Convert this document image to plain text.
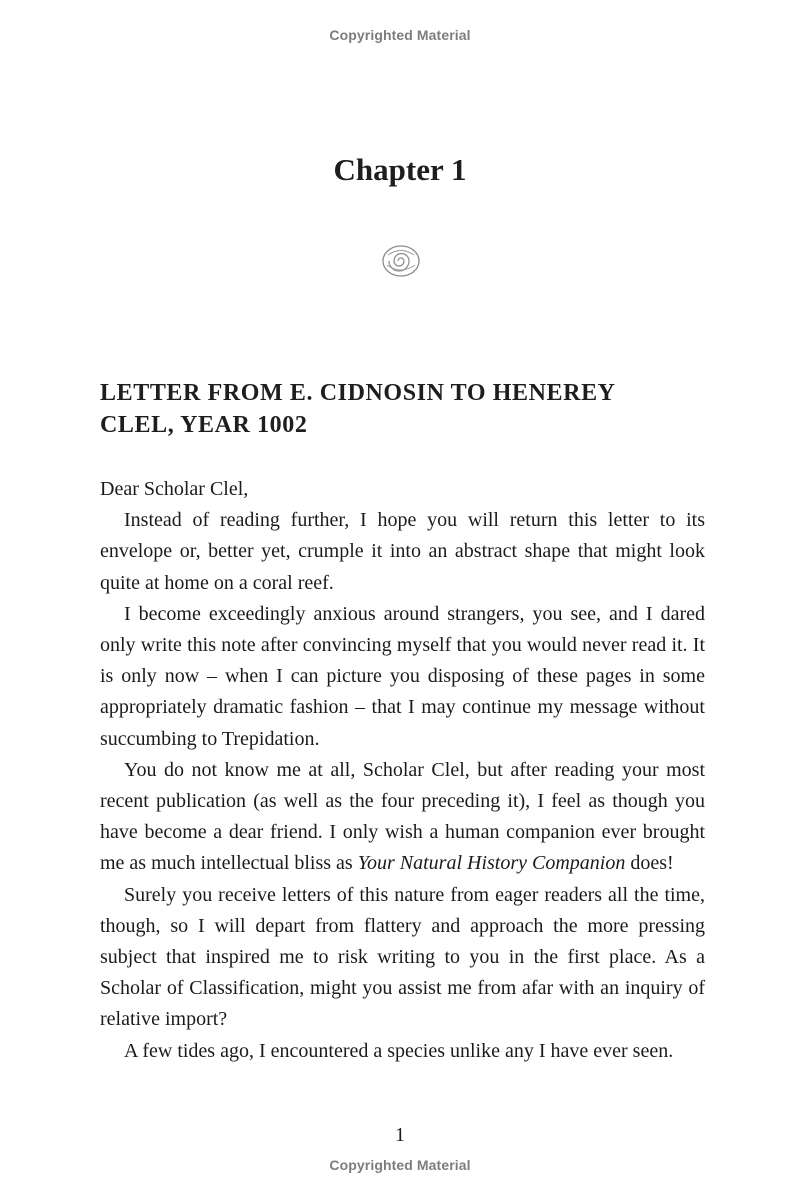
Copyrighted Material
Chapter 1
LETTER FROM E. CIDNOSIN TO HENEREY
CLEL, YEAR 1002

Dear Scholar Clel,

Instead of reading further, I hope you will return this letter to its envelope or, better yet, crumple it into an abstract shape that might look quite at home on a coral reef.

I become exceedingly anxious around strangers, you see, and I dared only write this note after convincing myself that you would never read it. It is only now – when I can picture you disposing of these pages in some appropriately dramatic fashion – that I may continue my message without succumbing to Trepidation.

You do not know me at all, Scholar Clel, but after reading your most recent publication (as well as the four preceding it), I feel as though you have become a dear friend. I only wish a human companion ever brought me as much intellectual bliss as Your Natural History Companion does!

Surely you receive letters of this nature from eager readers all the time, though, so I will depart from flattery and approach the more pressing subject that inspired me to risk writing to you in the first place. As a Scholar of Classification, might you assist me from afar with an inquiry of relative import?

A few tides ago, I encountered a species unlike any I have ever seen.

1
Copyrighted Material
